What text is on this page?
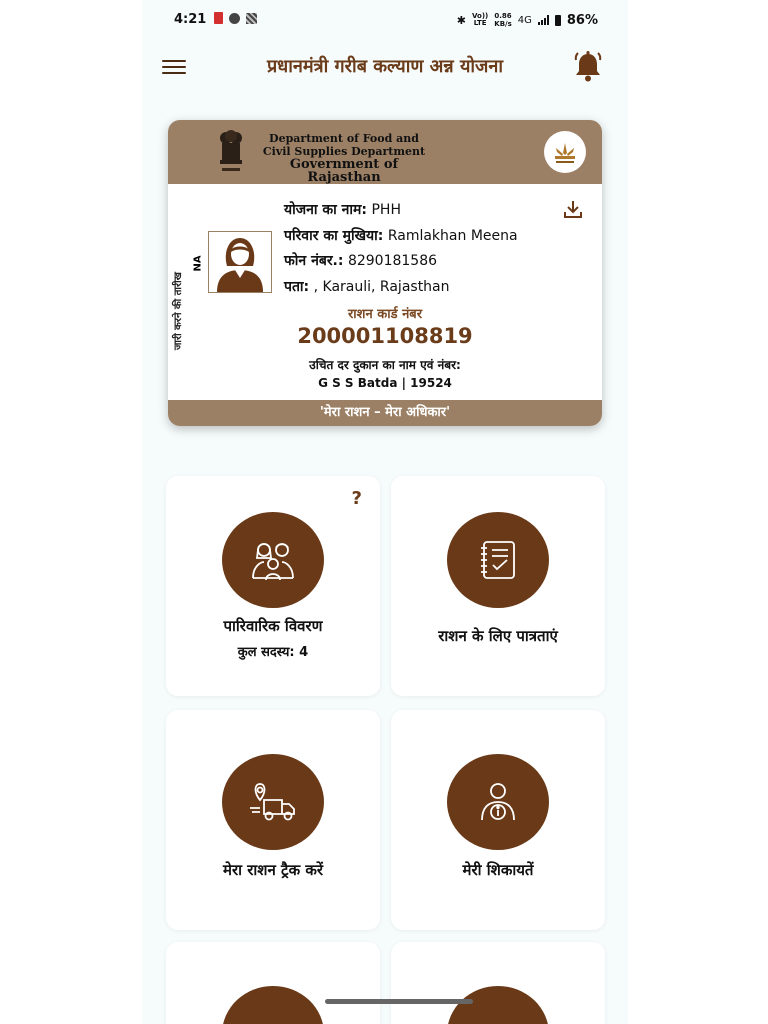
4:21	✱ Vo))
LTE
0.86
KB/s 4G	86%
प्रधानमंत्री गरीब कल्याण अन्न योजना
Department of Food and
Civil Supplies Department
Government of Rajasthan
जारी करने की तारीख
NA
योजना का नाम: PHH
परिवार का मुखिया: Ramlakhan Meena
फोन नंबर.: 8290181586
पता: , Karauli, Rajasthan
राशन कार्ड नंबर
200001108819
उचित दर दुकान का नाम एवं नंबर:
G S S Batda | 19524
'मेरा राशन – मेरा अधिकार'
?
पारिवारिक विवरण
कुल सदस्य: 4
राशन के लिए पात्रताएं
मेरा राशन ट्रैक करें	मेरी शिकायतें
